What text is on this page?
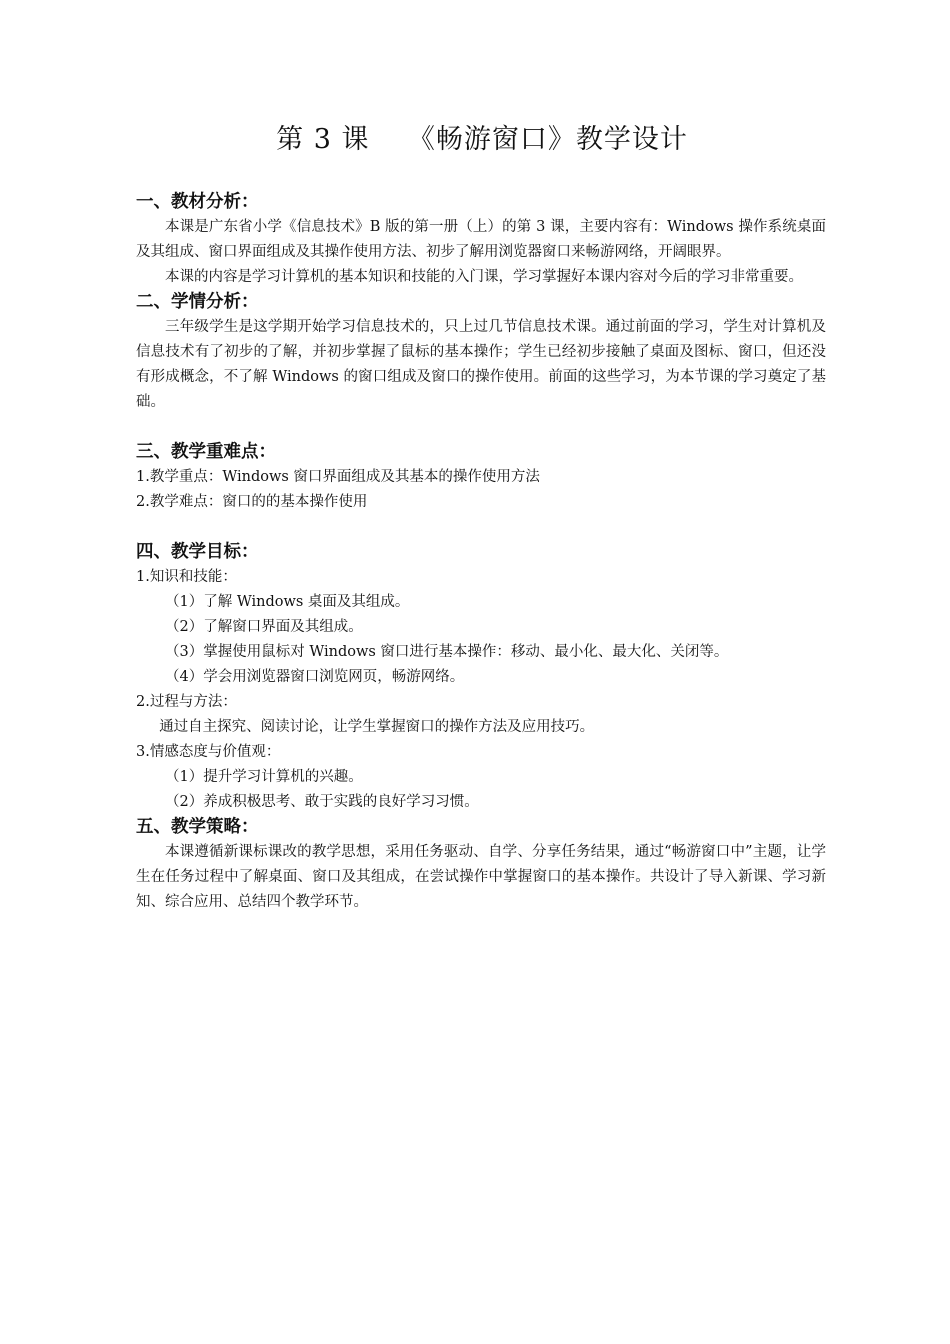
第 3 课    《畅游窗口》教学设计
一、教材分析：
本课是广东省小学《信息技术》B 版的第一册（上）的第 3 课，主要内容有：Windows 操作系统桌面及其组成、窗口界面组成及其操作使用方法、初步了解用浏览器窗口来畅游网络，开阔眼界。
本课的内容是学习计算机的基本知识和技能的入门课，学习掌握好本课内容对今后的学习非常重要。
二、学情分析：
三年级学生是这学期开始学习信息技术的，只上过几节信息技术课。通过前面的学习，学生对计算机及信息技术有了初步的了解，并初步掌握了鼠标的基本操作；学生已经初步接触了桌面及图标、窗口，但还没有形成概念，不了解 Windows 的窗口组成及窗口的操作使用。前面的这些学习，为本节课的学习奠定了基础。
三、教学重难点：
1.教学重点：Windows 窗口界面组成及其基本的操作使用方法
2.教学难点：窗口的的基本操作使用
四、教学目标：
1.知识和技能：
（1）了解 Windows 桌面及其组成。
（2）了解窗口界面及其组成。
（3）掌握使用鼠标对 Windows 窗口进行基本操作：移动、最小化、最大化、关闭等。
（4）学会用浏览器窗口浏览网页，畅游网络。
2.过程与方法：
通过自主探究、阅读讨论，让学生掌握窗口的操作方法及应用技巧。
3.情感态度与价值观：
（1）提升学习计算机的兴趣。
（2）养成积极思考、敢于实践的良好学习习惯。
五、教学策略：
本课遵循新课标课改的教学思想，采用任务驱动、自学、分享任务结果，通过“畅游窗口中”主题，让学生在任务过程中了解桌面、窗口及其组成，在尝试操作中掌握窗口的基本操作。共设计了导入新课、学习新知、综合应用、总结四个教学环节。
